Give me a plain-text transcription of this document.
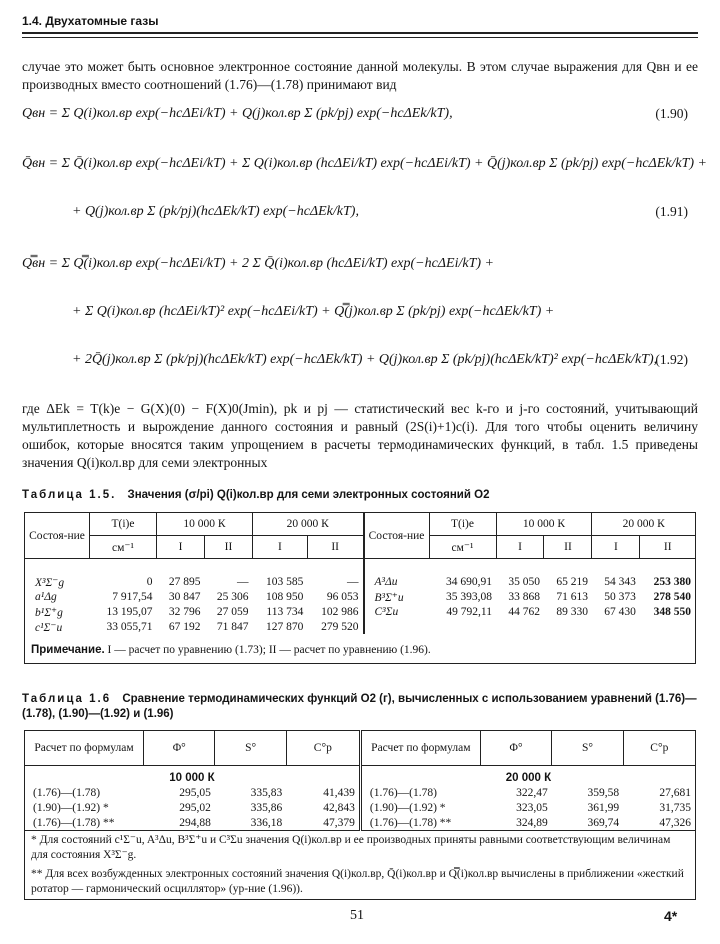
1.4. Двухатомные газы
случае это может быть основное электронное состояние данной молекулы. В этом случае выражения для Qвн и ее производных вместо соотношений (1.76)—(1.78) принимают вид
Qвн = Σ Q(i)кол.вр exp(−hcΔEi/kT) + Q(j)кол.вр Σ (pk/pj) exp(−hcΔEk/kT),	(1.90)
Q̄вн = Σ Q̄(i)кол.вр exp(−hcΔEi/kT) + Σ Q(i)кол.вр (hcΔEi/kT) exp(−hcΔEi/kT) + Q̄(j)кол.вр Σ (pk/pj) exp(−hcΔEk/kT) +
+ Q(j)кол.вр Σ (pk/pj)(hcΔEk/kT) exp(−hcΔEk/kT),	(1.91)
Q̿вн = Σ Q̿(i)кол.вр exp(−hcΔEi/kT) + 2 Σ Q̄(i)кол.вр (hcΔEi/kT) exp(−hcΔEi/kT) +
+ Σ Q(i)кол.вр (hcΔEi/kT)² exp(−hcΔEi/kT) + Q̿(j)кол.вр Σ (pk/pj) exp(−hcΔEk/kT) +
+ 2Q̄(j)кол.вр Σ (pk/pj)(hcΔEk/kT) exp(−hcΔEk/kT) + Q(j)кол.вр Σ (pk/pj)(hcΔEk/kT)² exp(−hcΔEk/kT),
(1.92)
где ΔEk = T(k)e − G(X)(0) − F(X)0(Jmin), pk и pj — статистический вес k-го и j-го состояний, учитывающий мультиплетность и вырождение данного состояния и равный (2S(i)+1)c(i). Для того чтобы оценить величину ошибок, которые вносятся таким упрощением в расчеты термодинамических функций, в табл. 1.5 приведены значения Q(i)кол.вр для семи электронных
Таблица 1.5. Значения (σ/pi) Q(i)кол.вр для семи электронных состояний O2
Состоя-ние	T(i)e	10 000 К		20 000 К		Состоя-ние	T(i)e	10 000 К		20 000 К	
	см⁻¹	I	II	I	II		см⁻¹	I	II	I	II

X³Σ⁻g	0	27 895	—	103 585	—	A³Δu	34 690,91	35 050	65 219	54 343	253 380
a¹Δg	7 917,54	30 847	25 306	108 950	96 053	B³Σ⁺u	35 393,08	33 868	71 613	50 373	278 540
b¹Σ⁺g	13 195,07	32 796	27 059	113 734	102 986	C³Σu	49 792,11	44 762	89 330	67 430	348 550
c¹Σ⁻u	33 055,71	67 192	71 847	127 870	279 520						
Примечание. I — расчет по уравнению (1.73); II — расчет по уравнению (1.96).											
Таблица 1.6 Сравнение термодинамических функций O2 (г), вычисленных с использованием уравнений (1.76)—(1.78), (1.90)—(1.92) и (1.96)
Расчет по формулам	Φ°	S°	C°p	Расчет по формулам	Φ°	S°	C°p
10 000 К				20 000 К			
(1.76)—(1.78)	295,05	335,83	41,439	(1.76)—(1.78)	322,47	359,58	27,681
(1.90)—(1.92) *	295,02	335,86	42,843	(1.90)—(1.92) *	323,05	361,99	31,735
(1.76)—(1.78) **	294,88	336,18	47,379	(1.76)—(1.78) **	324,89	369,74	47,326
* Для состояний c¹Σ⁻u, A³Δu, B³Σ⁺u и C³Σu значения Q(i)кол.вр и ее производных приняты равными соответствующим величинам для состояния X³Σ⁻g.							
** Для всех возбужденных электронных состояний значения Q(i)кол.вр, Q̄(i)кол.вр и Q̿(i)кол.вр вычислены в приближении «жесткий ротатор — гармонический осциллятор» (ур-ние (1.96)).							
51	4*
